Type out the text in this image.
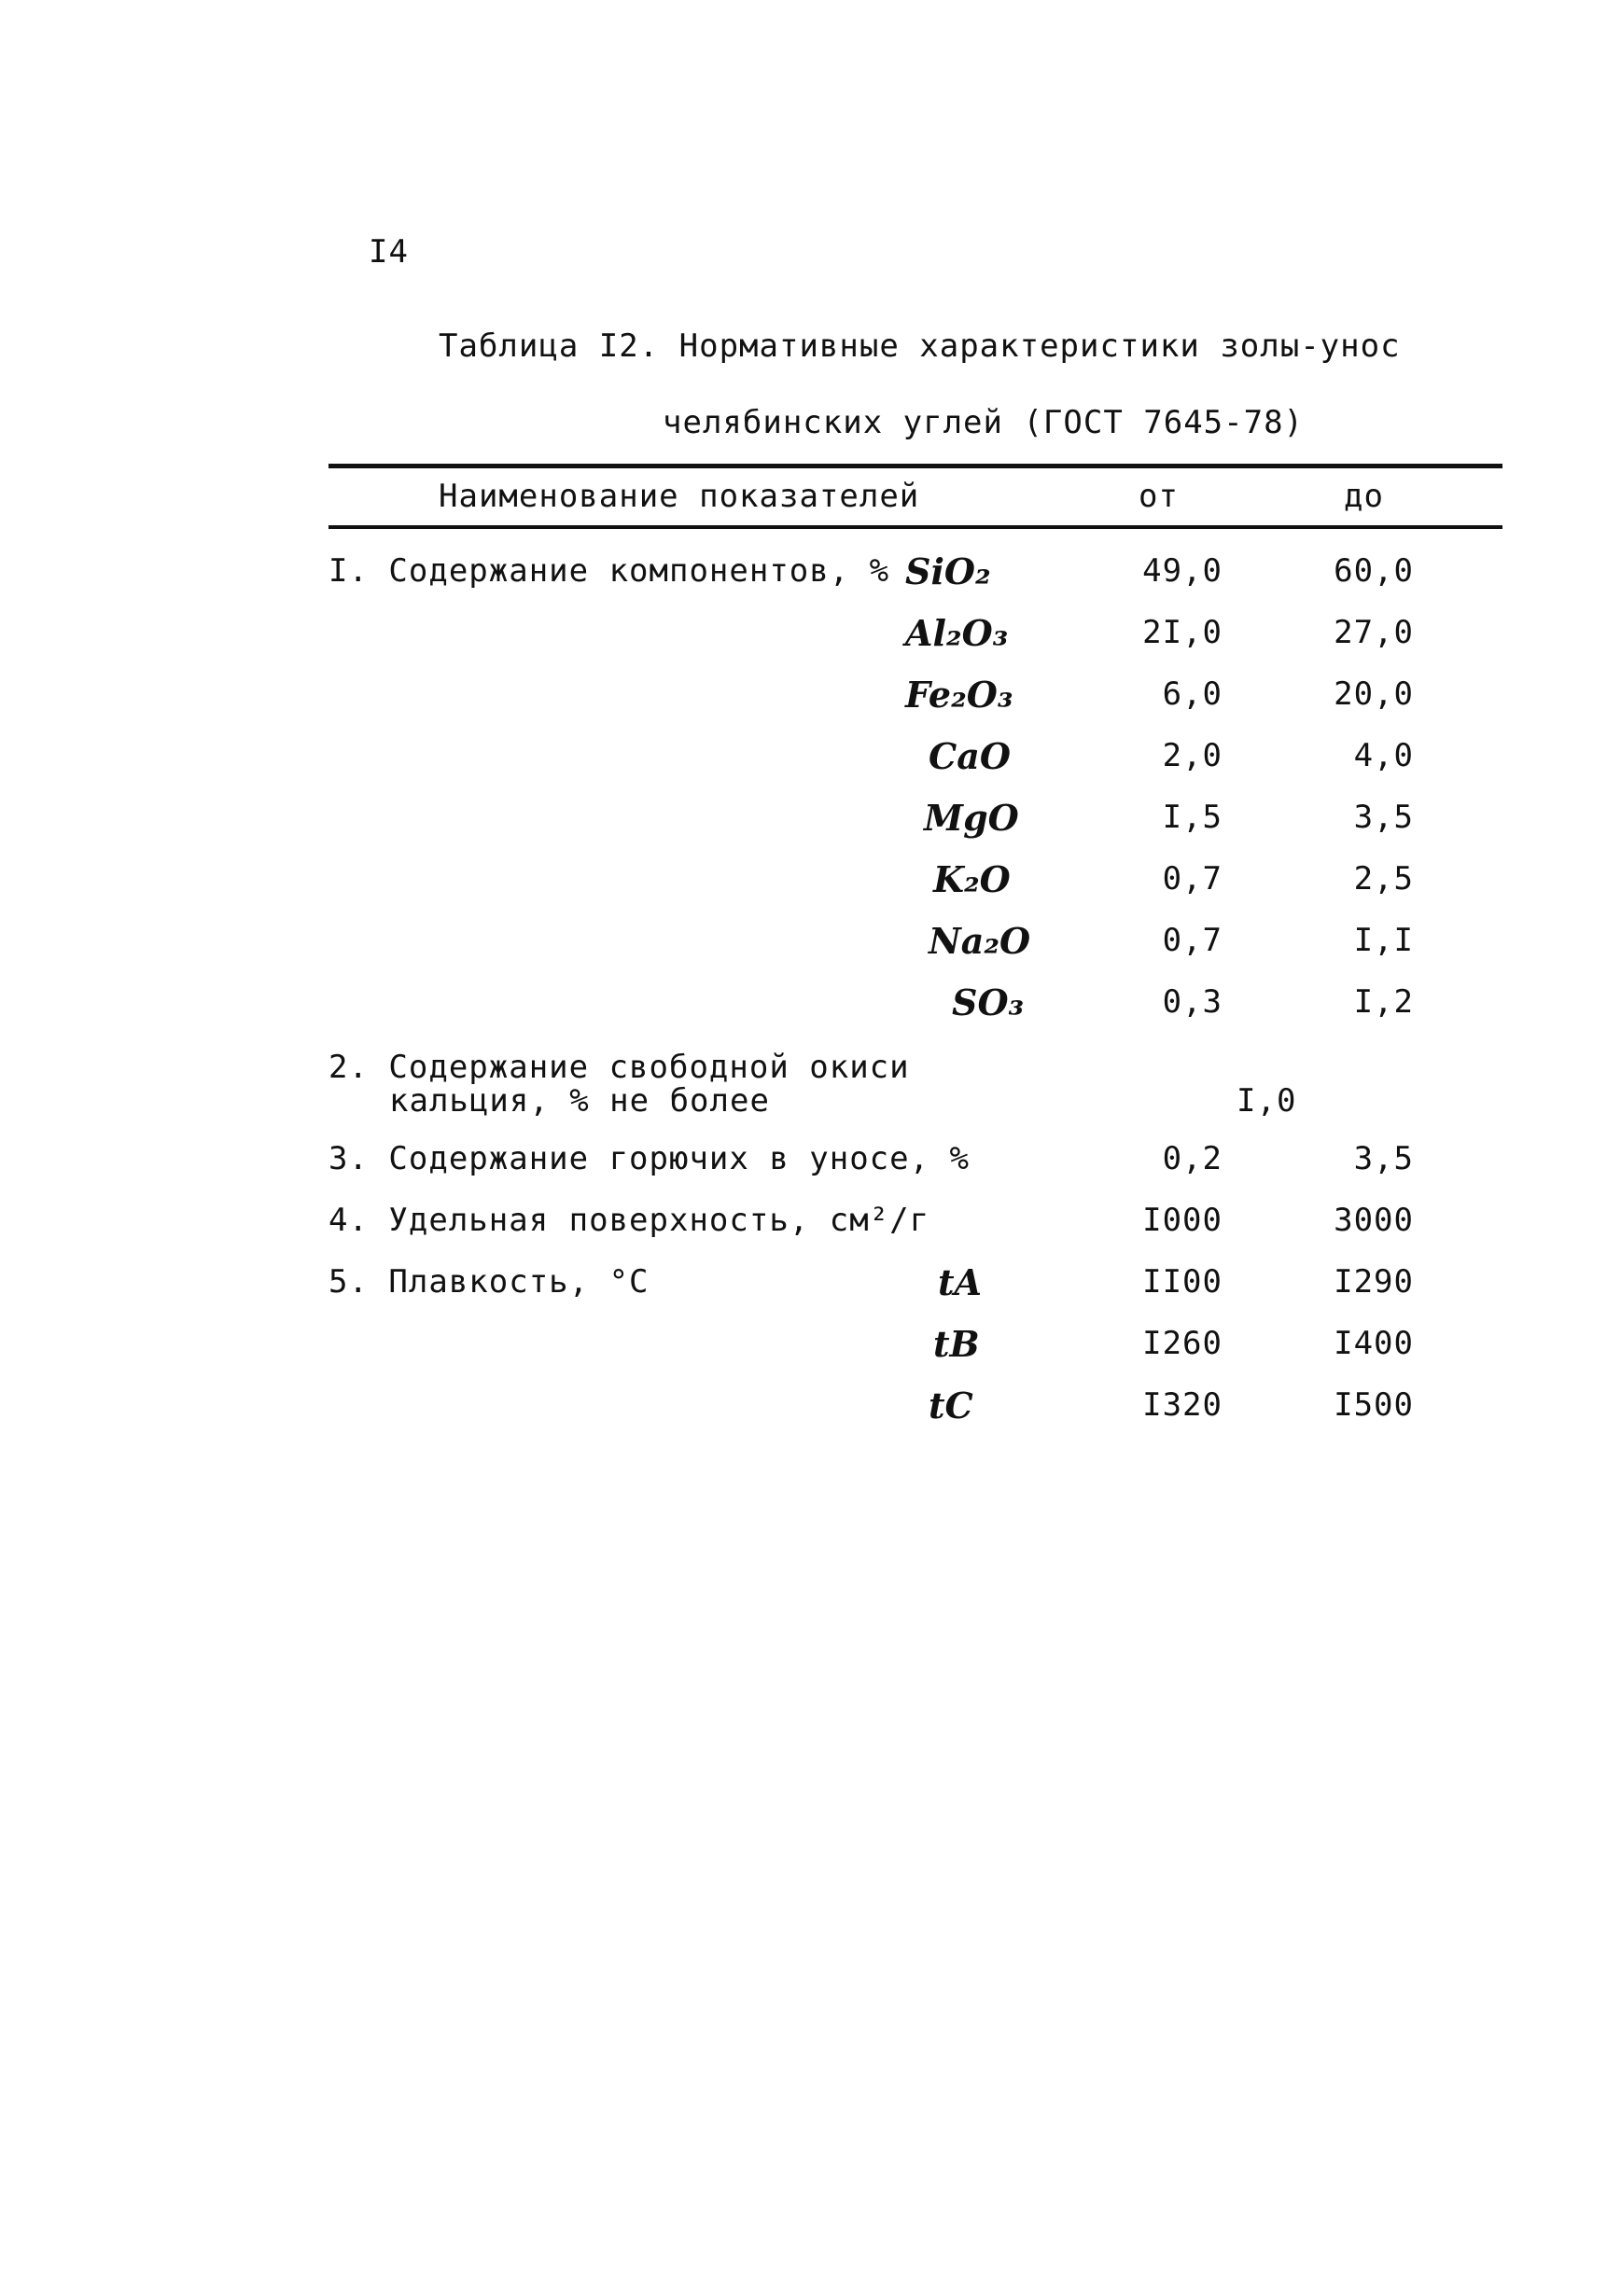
I4
Таблица I2. Нормативные характеристики золы-унос
челябинских углей (ГОСТ 7645-78)
Наименование показателей	от	до
I. Содержание компонентов, % SiO₂	49,0	60,0
Al₂O₃	2I,0	27,0
Fe₂O₃	6,0	20,0
CaO	2,0	4,0
MgO	I,5	3,5
K₂O	0,7	2,5
Na₂O	0,7	I,I
SO₃	0,3	I,2
2. Содержание свободной окиси
кальция, % не более	I,0
3. Содержание горючих в уносе, %	0,2	3,5
4. Удельная поверхность, см²/г	I000	3000
5. Плавкость, °С	tA	II00	I290
tB	I260	I400
tC	I320	I500
